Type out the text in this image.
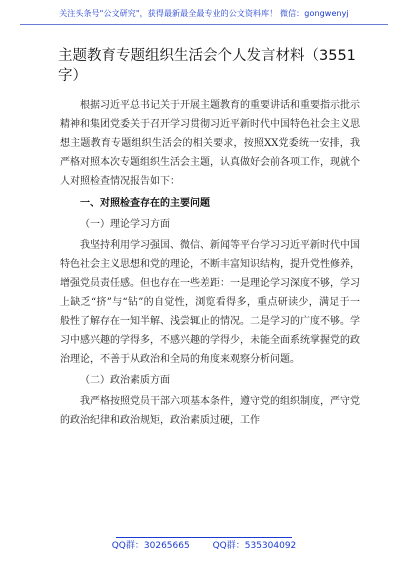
关注头条号"公文研究"，获得最新最全最专业的公文资料库！ 微信：gongwenyj
主题教育专题组织生活会个人发言材料（3551字）

根据习近平总书记关于开展主题教育的重要讲话和重要指示批示精神和集团党委关于召开学习贯彻习近平新时代中国特色社会主义思想主题教育专题组织生活会的相关要求，按照XX党委统一安排，我严格对照本次专题组织生活会主题，认真做好会前各项工作，现就个人对照检查情况报告如下：

一、对照检查存在的主要问题
（一）理论学习方面

我坚持利用学习强国、微信、新闻等平台学习习近平新时代中国特色社会主义思想和党的理论，不断丰富知识结构，提升党性修养，增强党员责任感。但也存在一些差距：一是理论学习深度不够，学习上缺乏“挤”与“钻”的自觉性，浏览看得多，重点研读少，满足于一般性了解存在一知半解、浅尝辄止的情况。二是学习的广度不够。学习中感兴趣的学得多，不感兴趣的学得少，未能全面系统掌握党的政治理论，不善于从政治和全局的角度来观察分析问题。

（二）政治素质方面

我严格按照党员干部六项基本条件，遵守党的组织制度，严守党的政治纪律和政治规矩，政治素质过硬，工作

QQ群：30265665	QQ群：535304092
